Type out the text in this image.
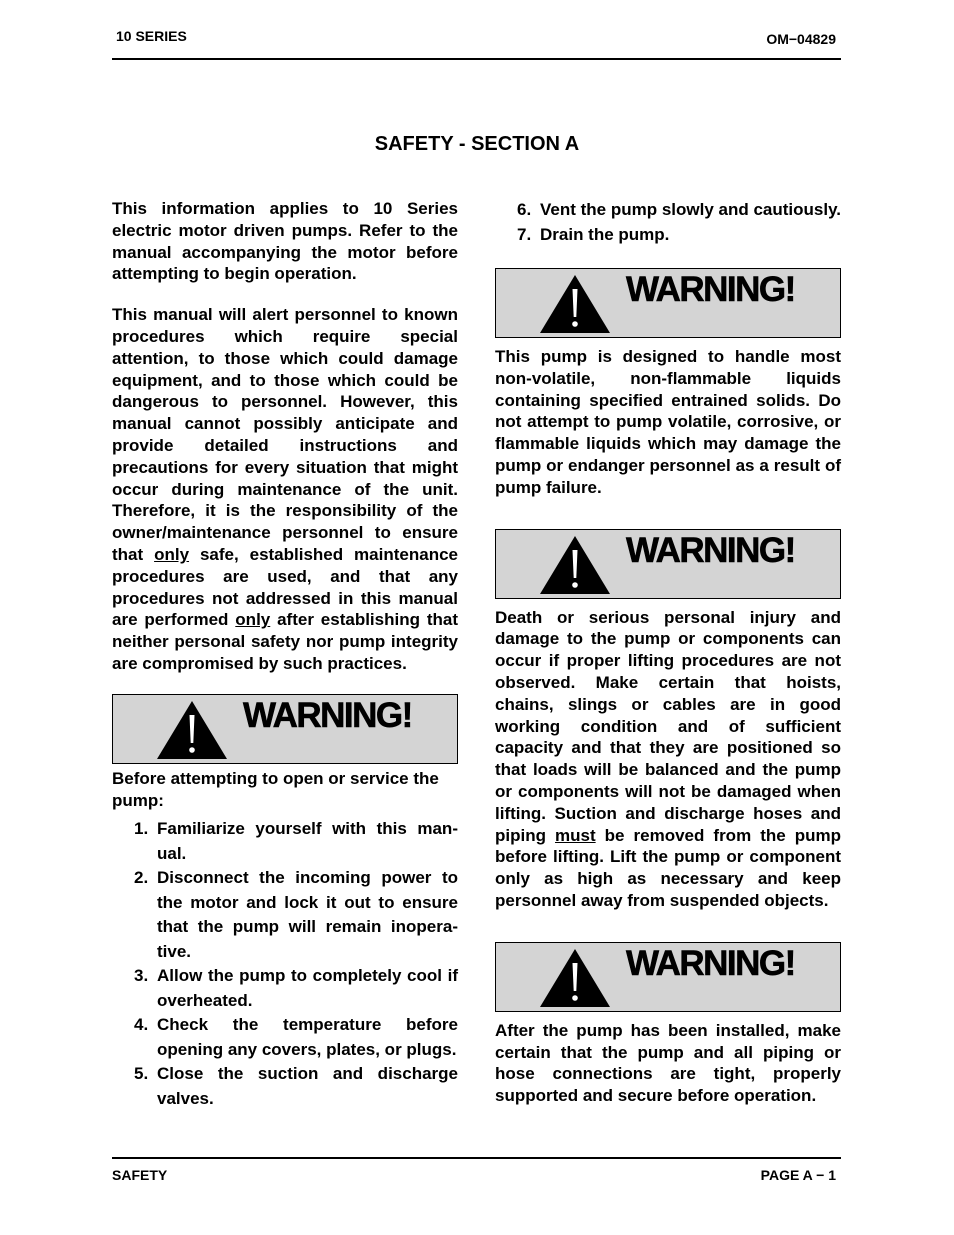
10 SERIES	OM−04829
SAFETY - SECTION A

This information applies to 10 Series electric motor driven pumps. Refer to the manual accompanying the motor before attempting to begin operation.

This manual will alert personnel to known procedures which require special attention, to those which could damage equipment, and to those which could be dangerous to personnel. However, this manual cannot possibly anticipate and provide detailed instructions and precautions for every situation that might occur during maintenance of the unit. Therefore, it is the responsibility of the owner/maintenance personnel to ensure that only safe, established maintenance procedures are used, and that any procedures not addressed in this manual are performed only after establishing that neither personal safety nor pump integrity are compromised by such practices.

WARNING!

Before attempting to open or service the pump:

1. Familiarize yourself with this manual.
2. Disconnect the incoming power to the motor and lock it out to ensure that the pump will remain inoperative.
3. Allow the pump to completely cool if overheated.
4. Check the temperature before opening any covers, plates, or plugs.
5. Close the suction and discharge valves.
6. Vent the pump slowly and cautiously.
7. Drain the pump.
WARNING!

This pump is designed to handle most non-volatile, non-flammable liquids containing specified entrained solids. Do not attempt to pump volatile, corrosive, or flammable liquids which may damage the pump or endanger personnel as a result of pump failure.

WARNING!

Death or serious personal injury and damage to the pump or components can occur if proper lifting procedures are not observed. Make certain that hoists, chains, slings or cables are in good working condition and of sufficient capacity and that they are positioned so that loads will be balanced and the pump or components will not be damaged when lifting. Suction and discharge hoses and piping must be removed from the pump before lifting. Lift the pump or component only as high as necessary and keep personnel away from suspended objects.

WARNING!

After the pump has been installed, make certain that the pump and all piping or hose connections are tight, properly supported and secure before operation.

SAFETY	PAGE A − 1
